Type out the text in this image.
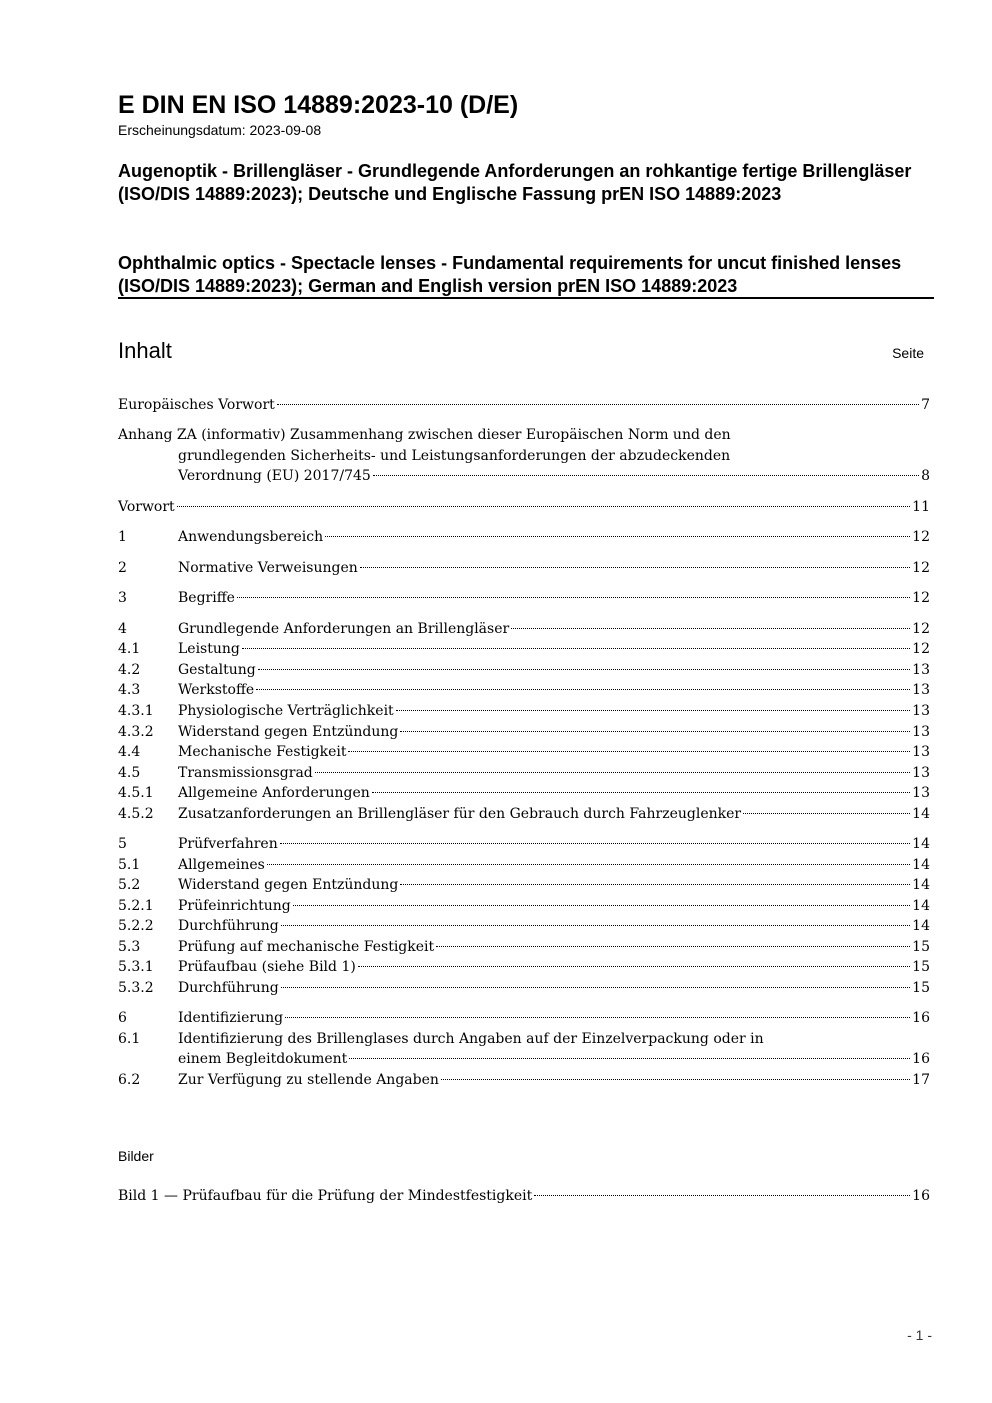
E DIN EN ISO 14889:2023-10 (D/E)
Erscheinungsdatum: 2023-09-08

Augenoptik - Brillengläser - Grundlegende Anforderungen an rohkantige fertige Brillengläser (ISO/DIS 14889:2023); Deutsche und Englische Fassung prEN ISO 14889:2023

Ophthalmic optics - Spectacle lenses - Fundamental requirements for uncut finished lenses (ISO/DIS 14889:2023); German and English version prEN ISO 14889:2023

Inhalt	Seite
Europäisches Vorwort	7
Anhang ZA (informativ) Zusammenhang zwischen dieser Europäischen Norm und den
grundlegenden Sicherheits- und Leistungsanforderungen der abzudeckenden
Verordnung (EU) 2017/745	8
Vorwort	11
1	Anwendungsbereich	12
2	Normative Verweisungen	12
3	Begriffe	12
4	Grundlegende Anforderungen an Brillengläser	12
4.1	Leistung	12
4.2	Gestaltung	13
4.3	Werkstoffe	13
4.3.1 Physiologische Verträglichkeit	13
4.3.2 Widerstand gegen Entzündung	13
4.4	Mechanische Festigkeit	13
4.5	Transmissionsgrad	13
4.5.1 Allgemeine Anforderungen	13
4.5.2 Zusatzanforderungen an Brillengläser für den Gebrauch durch Fahrzeuglenker	14
5	Prüfverfahren	14
5.1	Allgemeines	14
5.2	Widerstand gegen Entzündung	14
5.2.1 Prüfeinrichtung	14
5.2.2 Durchführung	14
5.3	Prüfung auf mechanische Festigkeit	15
5.3.1 Prüfaufbau (siehe Bild 1)	15
5.3.2 Durchführung	15
6	Identifizierung	16
6.1	Identifizierung des Brillenglases durch Angaben auf der Einzelverpackung oder in
einem Begleitdokument	16
6.2	Zur Verfügung zu stellende Angaben	17
Bilder
Bild 1 — Prüfaufbau für die Prüfung der Mindestfestigkeit	16
- 1 -
